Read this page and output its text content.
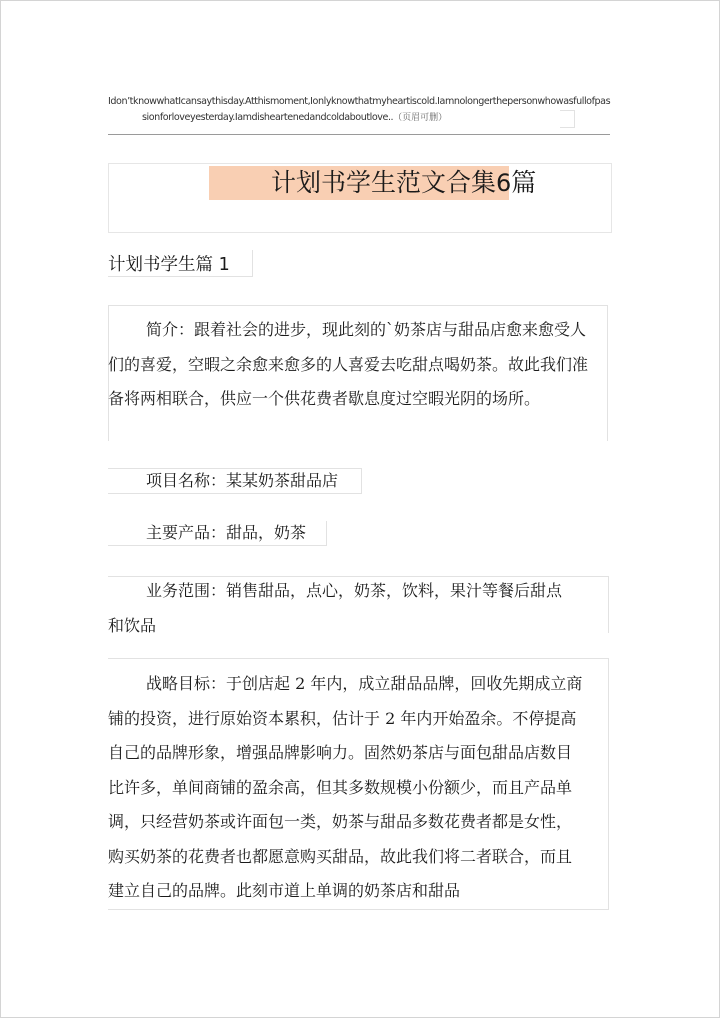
Idon’tknowwhatIcansaythisday.Atthismoment,Ionlyknowthatmyheartiscold.Iamnolongerthepersonwhowasfullofpas
sionforloveyesterday.Iamdisheartenedandcoldaboutlove..（页眉可删）
计划书学生范文合集6篇
计划书学生篇 1
简介：跟着社会的进步，现此刻的`奶茶店与甜品店愈来愈受人
们的喜爱，空暇之余愈来愈多的人喜爱去吃甜点喝奶茶。故此我们准
备将两相联合，供应一个供花费者歇息度过空暇光阴的场所。
项目名称：某某奶茶甜品店
主要产品：甜品，奶茶
业务范围：销售甜品，点心，奶茶，饮料，果汁等餐后甜点
和饮品
战略目标：于创店起 2 年内，成立甜品品牌，回收先期成立商
铺的投资，进行原始资本累积，估计于 2 年内开始盈余。不停提高
自己的品牌形象，增强品牌影响力。固然奶茶店与面包甜品店数目
比许多，单间商铺的盈余高，但其多数规模小份额少，而且产品单
调，只经营奶茶或许面包一类，奶茶与甜品多数花费者都是女性，
购买奶茶的花费者也都愿意购买甜品，故此我们将二者联合，而且
建立自己的品牌。此刻市道上单调的奶茶店和甜品
